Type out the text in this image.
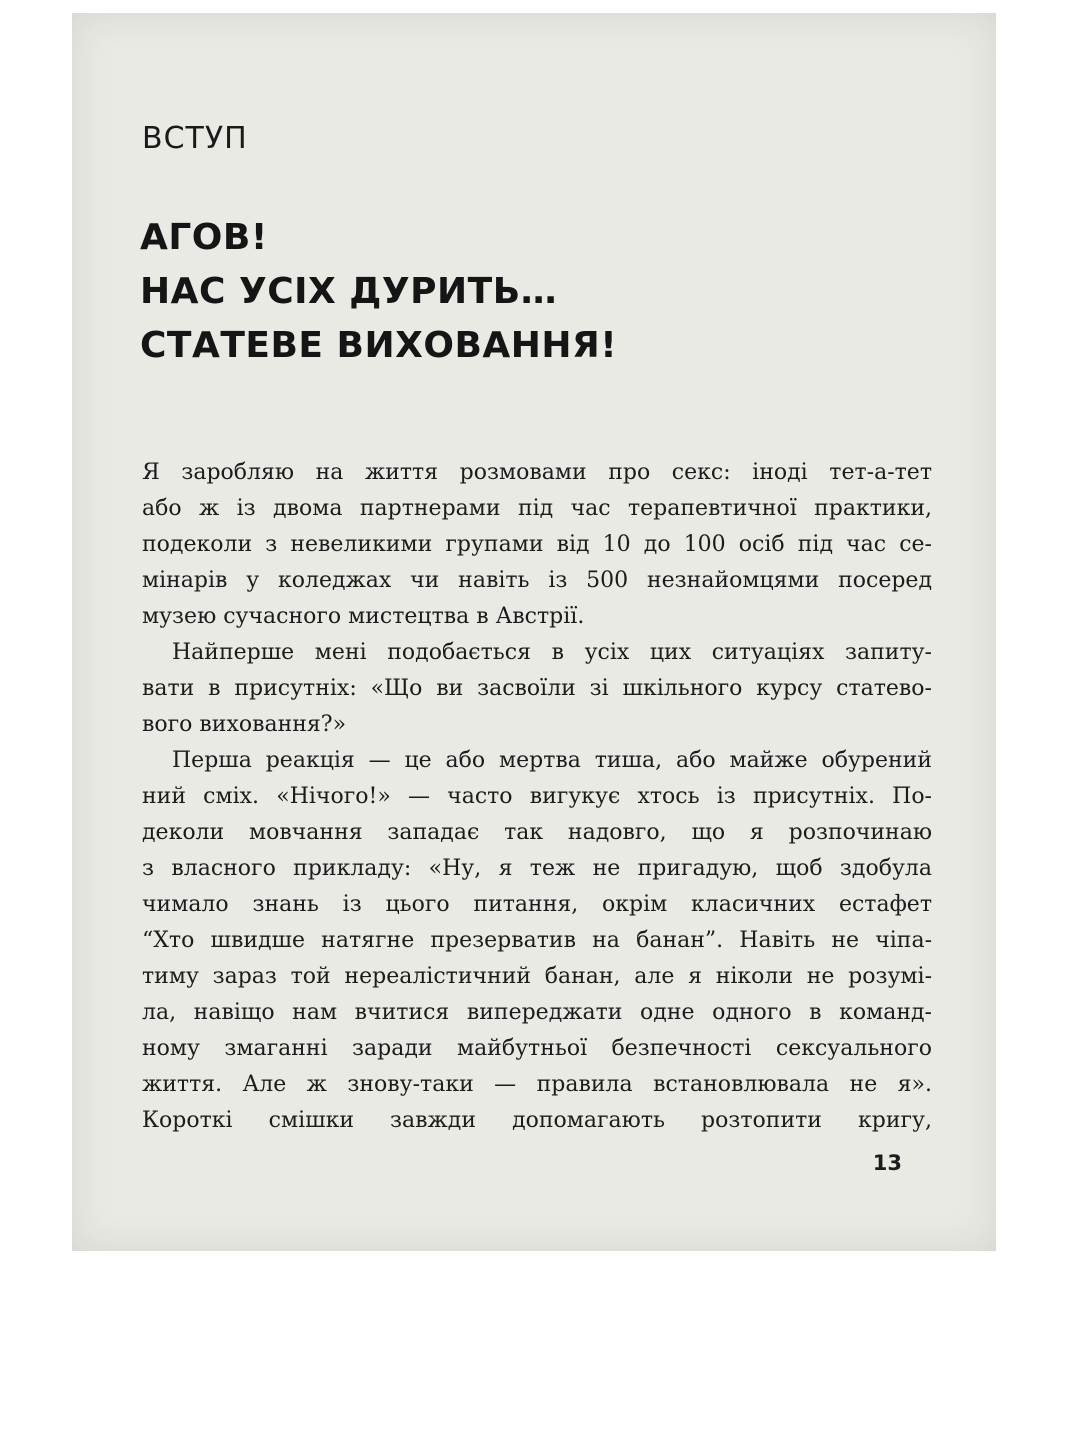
ВСТУП
АГОВ!
НАС УСІХ ДУРИТЬ…
СТАТЕВЕ ВИХОВАННЯ!
Я заробляю на життя розмовами про секс: іноді тет-а-тет
або ж із двома партнерами під час терапевтичної практики,
подеколи з невеликими групами від 10 до 100 осіб під час се-
мінарів у коледжах чи навіть із 500 незнайомцями посеред
музею сучасного мистецтва в Австрії.
Найперше мені подобається в усіх цих ситуаціях запиту-
вати в присутніх: «Що ви засвоїли зі шкільного курсу статево-
вого виховання?»
Перша реакція — це або мертва тиша, або майже обурений
ний сміх. «Нічого!» — часто вигукує хтось із присутніх. По-
деколи мовчання западає так надовго, що я розпочинаю
з власного прикладу: «Ну, я теж не пригадую, щоб здобула
чимало знань із цього питання, окрім класичних естафет
“Хто швидше натягне презерватив на банан”. Навіть не чіпа-
тиму зараз той нереалістичний банан, але я ніколи не розумі-
ла, навіщо нам вчитися випереджати одне одного в команд-
ному змаганні заради майбутньої безпечності сексуального
життя. Але ж знову-таки — правила встановлювала не я».
Короткі смішки завжди допомагають розтопити кригу,
13
